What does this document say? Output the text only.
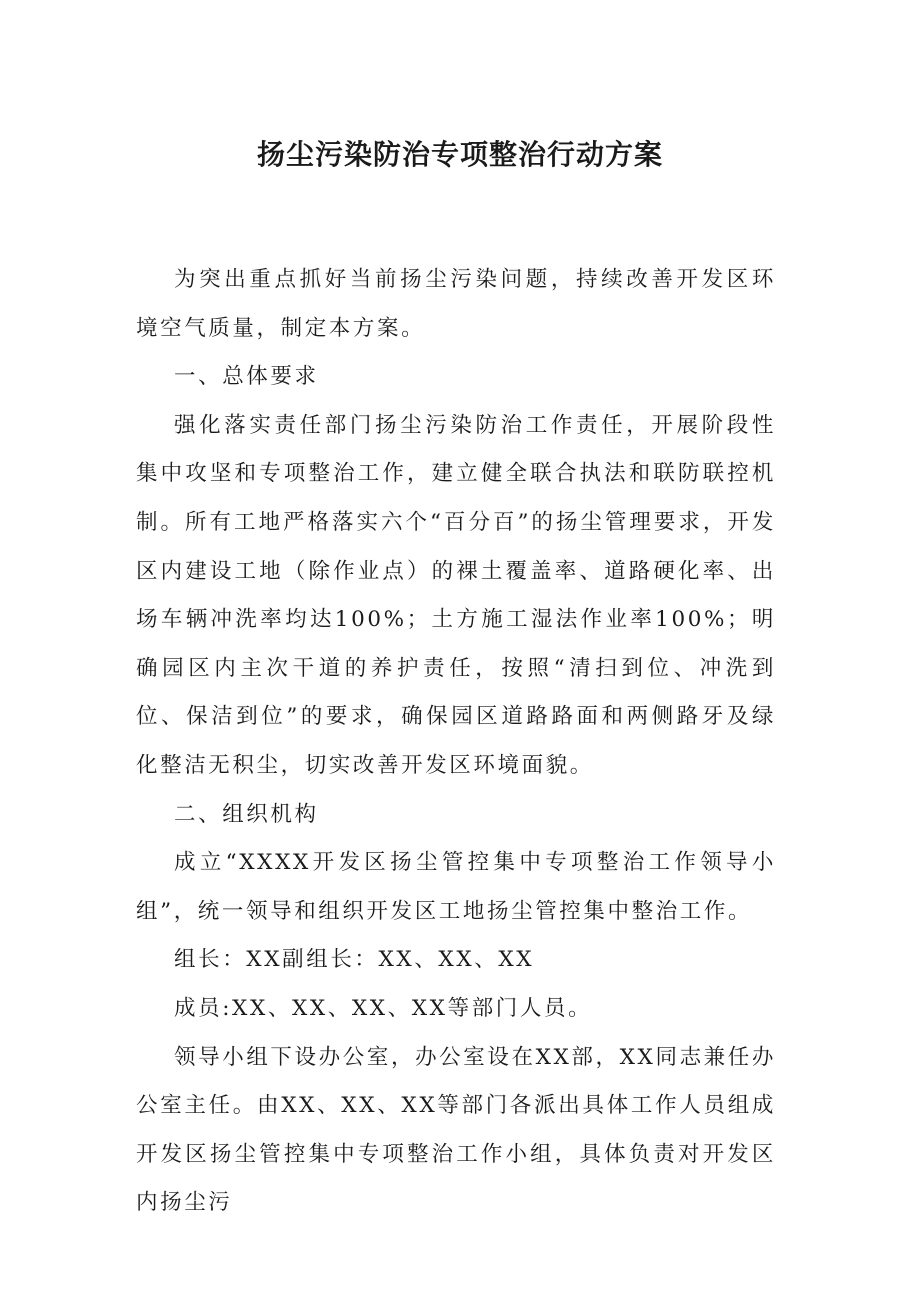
扬尘污染防治专项整治行动方案

为突出重点抓好当前扬尘污染问题，持续改善开发区环境空气质量，制定本方案。

一、总体要求

强化落实责任部门扬尘污染防治工作责任，开展阶段性集中攻坚和专项整治工作，建立健全联合执法和联防联控机制。所有工地严格落实六个“百分百”的扬尘管理要求，开发区内建设工地（除作业点）的裸土覆盖率、道路硬化率、出场车辆冲洗率均达100%；土方施工湿法作业率100%；明确园区内主次干道的养护责任，按照“清扫到位、冲洗到位、保洁到位”的要求，确保园区道路路面和两侧路牙及绿化整洁无积尘，切实改善开发区环境面貌。

二、组织机构

成立“XXXX开发区扬尘管控集中专项整治工作领导小组”，统一领导和组织开发区工地扬尘管控集中整治工作。

组长：XX副组长：XX、XX、XX

成员:XX、XX、XX、XX等部门人员。

领导小组下设办公室，办公室设在XX部，XX同志兼任办公室主任。由XX、XX、XX等部门各派出具体工作人员组成开发区扬尘管控集中专项整治工作小组，具体负责对开发区内扬尘污
